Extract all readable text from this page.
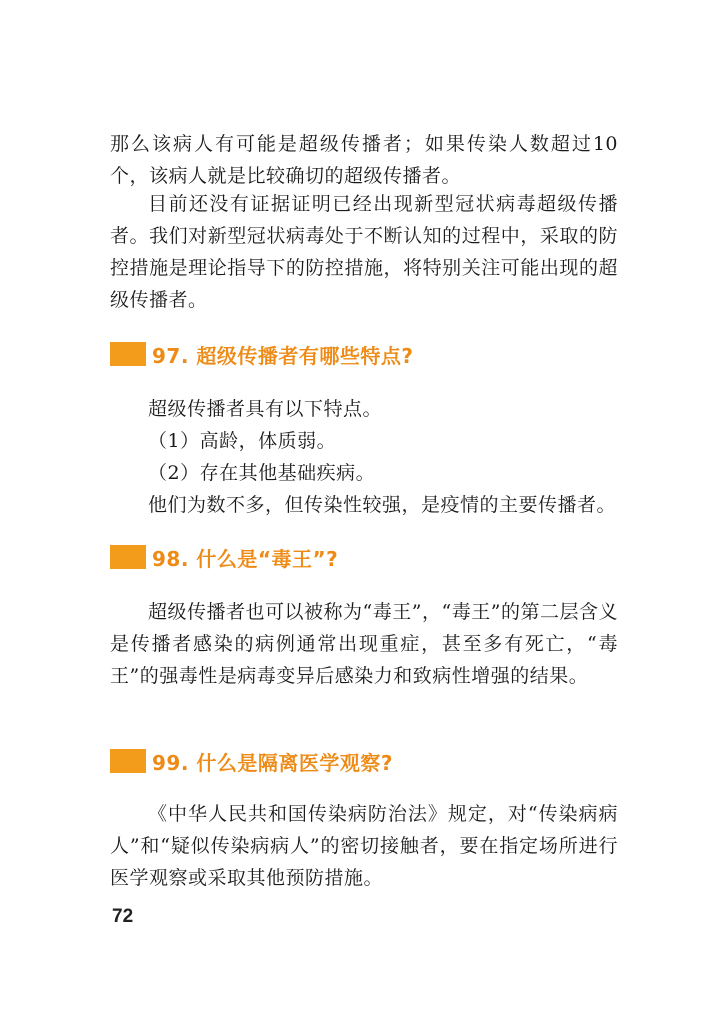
那么该病人有可能是超级传播者；如果传染人数超过10个，该病人就是比较确切的超级传播者。

目前还没有证据证明已经出现新型冠状病毒超级传播者。我们对新型冠状病毒处于不断认知的过程中，采取的防控措施是理论指导下的防控措施，将特别关注可能出现的超级传播者。

97. 超级传播者有哪些特点?

超级传播者具有以下特点。

（1）高龄，体质弱。

（2）存在其他基础疾病。

他们为数不多，但传染性较强，是疫情的主要传播者。

98. 什么是“毒王”?

超级传播者也可以被称为“毒王”，“毒王”的第二层含义是传播者感染的病例通常出现重症，甚至多有死亡，“毒王”的强毒性是病毒变异后感染力和致病性增强的结果。

99. 什么是隔离医学观察?

《中华人民共和国传染病防治法》规定，对“传染病病人”和“疑似传染病病人”的密切接触者，要在指定场所进行医学观察或采取其他预防措施。

72
